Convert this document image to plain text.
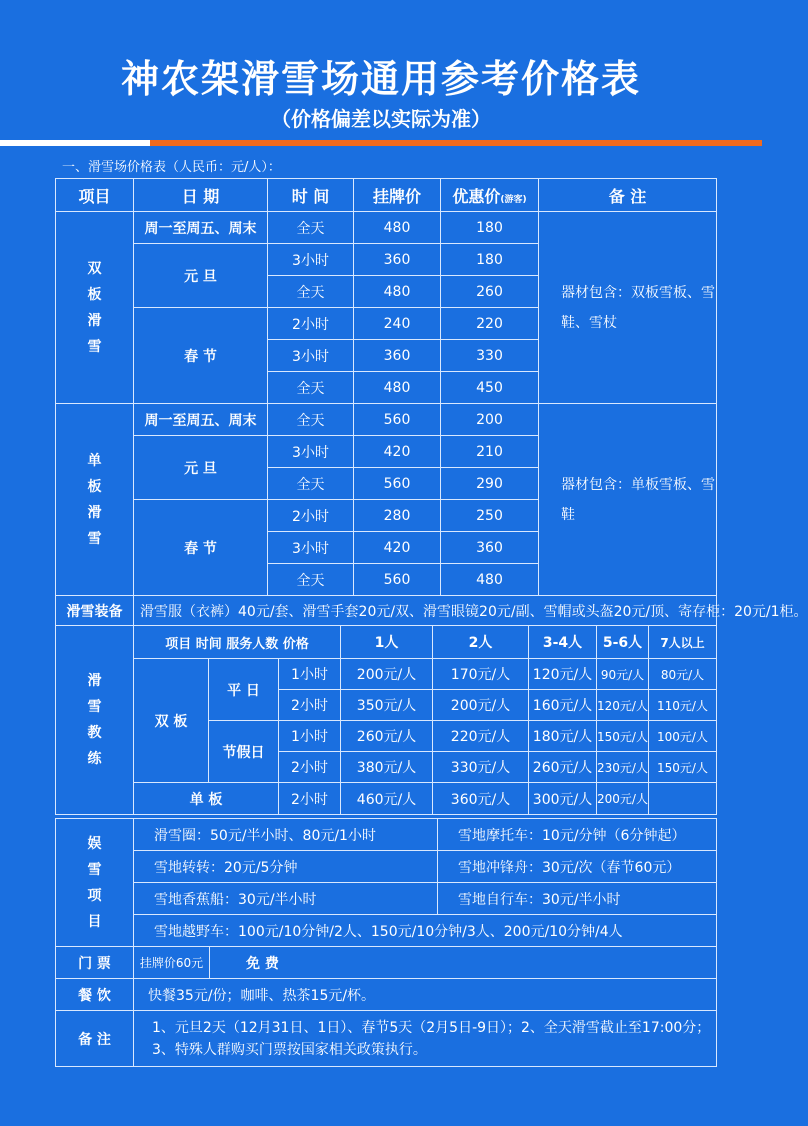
神农架滑雪场通用参考价格表
（价格偏差以实际为准）
一、滑雪场价格表（人民币：元/人）：
项目	日 期	时 间	挂牌价	优惠价(游客)	备 注

双板滑雪	周一至周五、周末	全天	480	180	器材包含：双板雪板、雪鞋、雪杖
	元 旦	3小时	360	180	
		全天	480	260	
	春 节	2小时	240	220	
		3小时	360	330	
		全天	480	450	

单板滑雪	周一至周五、周末	全天	560	200	器材包含：单板雪板、雪鞋
	元 旦	3小时	420	210	
		全天	560	290	
	春 节	2小时	280	250	
		3小时	420	360	
		全天	560	480	
滑雪装备	滑雪服（衣裤）40元/套、滑雪手套20元/双、滑雪眼镜20元/副、雪帽或头盔20元/顶、寄存柜：20元/1柜。				
滑雪教练	项目 时间 服务人数 价格			1人	2人	3-4人	5-6人	7人以上
	双 板	平 日	1小时	200元/人	170元/人	120元/人	90元/人	80元/人
			2小时	350元/人	200元/人	160元/人	120元/人	110元/人
		节假日	1小时	260元/人	220元/人	180元/人	150元/人	100元/人
			2小时	380元/人	330元/人	260元/人	230元/人	150元/人
	单 板		2小时	460元/人	360元/人	300元/人	200元/人	
娱雪项目	滑雪圈：50元/半小时、80元/1小时		雪地摩托车：10元/分钟（6分钟起）
	雪地转转：20元/5分钟		雪地冲锋舟：30元/次（春节60元）
	雪地香蕉船：30元/半小时		雪地自行车：30元/半小时
	雪地越野车：100元/10分钟/2人、150元/10分钟/3人、200元/10分钟/4人		
门 票	挂牌价60元	免 费	
餐 饮	快餐35元/份；咖啡、热茶15元/杯。		
备 注	1、元旦2天（12月31日、1日）、春节5天（2月5日-9日）；2、全天滑雪截止至17:00分；
3、特殊人群购买门票按国家相关政策执行。		
